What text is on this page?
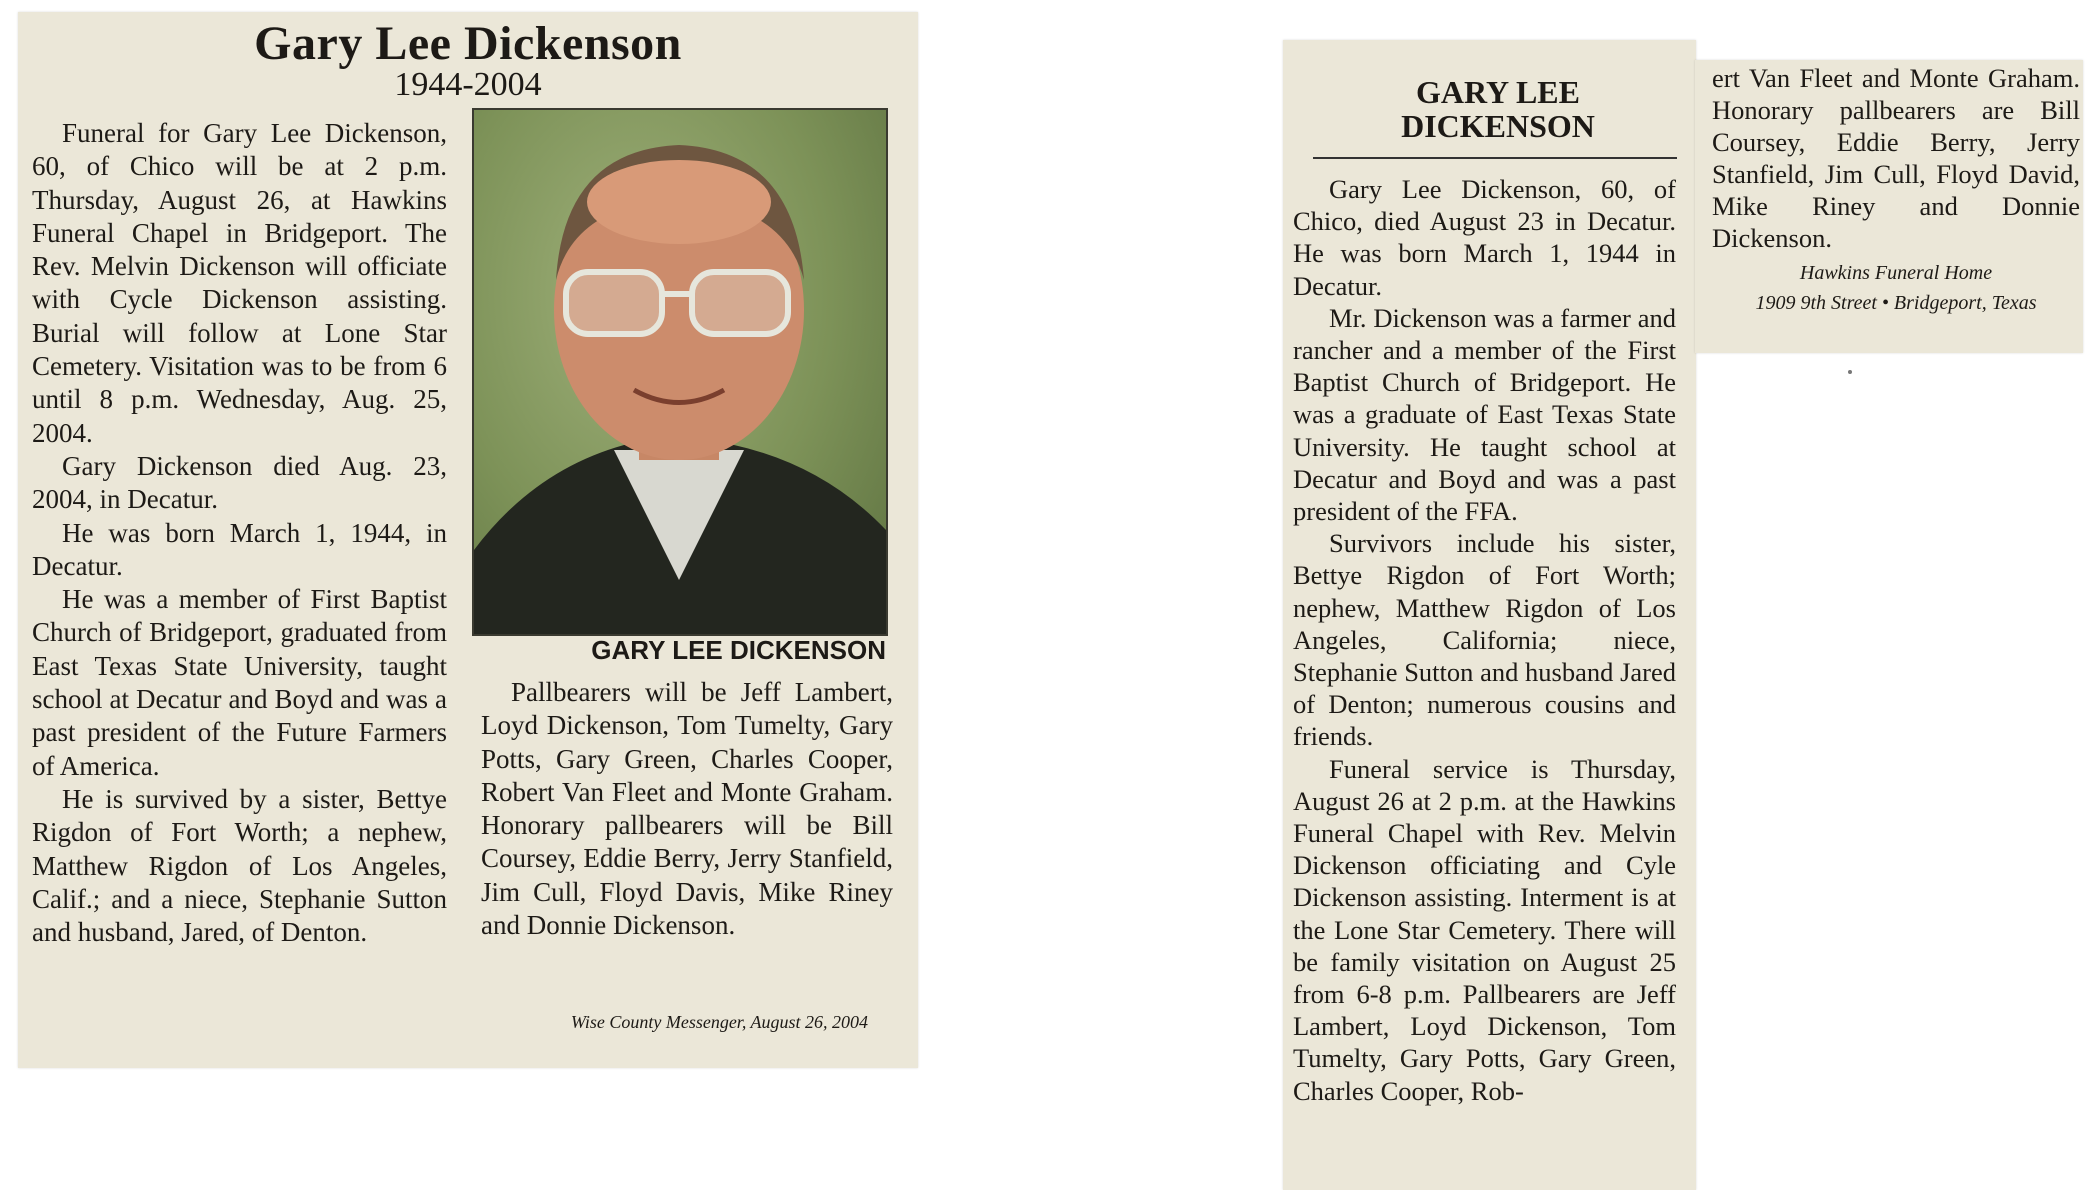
Gary Lee Dickenson
1944-2004

Funeral for Gary Lee Dickenson, 60, of Chico will be at 2 p.m. Thursday, August 26, at Hawkins Funeral Chapel in Bridgeport. The Rev. Melvin Dickenson will officiate with Cycle Dickenson assisting. Burial will follow at Lone Star Cemetery. Visitation was to be from 6 until 8 p.m. Wednesday, Aug. 25, 2004.

Gary Dickenson died Aug. 23, 2004, in Decatur.

He was born March 1, 1944, in Decatur.

He was a member of First Baptist Church of Bridgeport, graduated from East Texas State University, taught school at Decatur and Boyd and was a past president of the Future Farmers of America.

He is survived by a sister, Bettye Rigdon of Fort Worth; a nephew, Matthew Rigdon of Los Angeles, Calif.; and a niece, Stephanie Sutton and husband, Jared, of Denton.

GARY LEE DICKENSON

Pallbearers will be Jeff Lambert, Loyd Dickenson, Tom Tumelty, Gary Potts, Gary Green, Charles Cooper, Robert Van Fleet and Monte Graham. Honorary pallbearers will be Bill Coursey, Eddie Berry, Jerry Stanfield, Jim Cull, Floyd Davis, Mike Riney and Donnie Dickenson.

Wise County Messenger, August 26, 2004
GARY LEE
DICKENSON

Gary Lee Dickenson, 60, of Chico, died August 23 in Decatur. He was born March 1, 1944 in Decatur.

Mr. Dickenson was a farmer and rancher and a member of the First Baptist Church of Bridgeport. He was a graduate of East Texas State University. He taught school at Decatur and Boyd and was a past president of the FFA.

Survivors include his sister, Bettye Rigdon of Fort Worth; nephew, Matthew Rigdon of Los Angeles, California; niece, Stephanie Sutton and husband Jared of Denton; numerous cousins and friends.

Funeral service is Thursday, August 26 at 2 p.m. at the Hawkins Funeral Chapel with Rev. Melvin Dickenson officiating and Cyle Dickenson assisting. Interment is at the Lone Star Cemetery. There will be family visitation on August 25 from 6-8 p.m. Pallbearers are Jeff Lambert, Loyd Dickenson, Tom Tumelty, Gary Potts, Gary Green, Charles Cooper, Rob-

ert Van Fleet and Monte Graham. Honorary pallbearers are Bill Coursey, Eddie Berry, Jerry Stanfield, Jim Cull, Floyd David, Mike Riney and Donnie Dickenson.

Hawkins Funeral Home
1909 9th Street • Bridgeport, Texas
